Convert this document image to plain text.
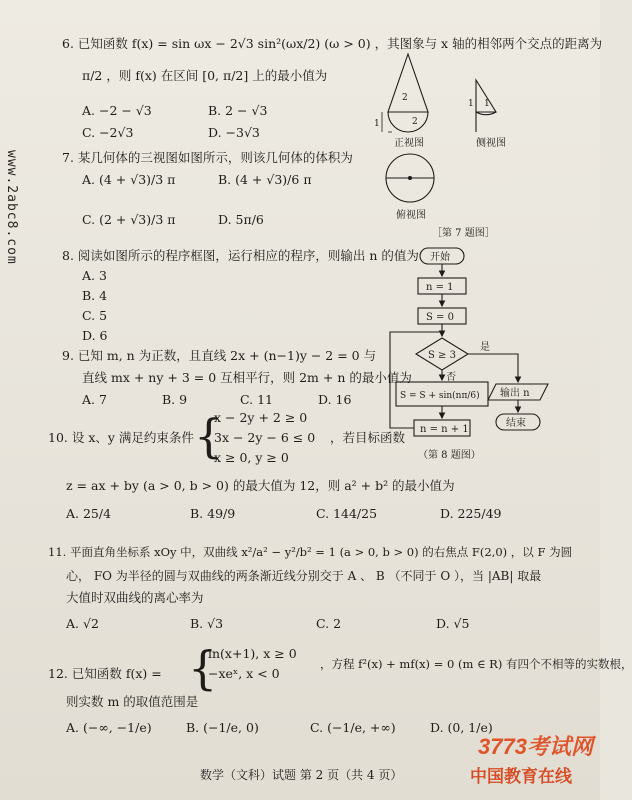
www.2abc8.com
6. 已知函数 f(x) = sin ωx − 2√3 sin²(ωx/2) (ω > 0) ，其图象与 x 轴的相邻两个交点的距离为
π/2 ，则 f(x) 在区间 [0, π/2] 上的最小值为
A. −2 − √3	B. 2 − √3
C. −2√3	D. −3√3
7. 某几何体的三视图如图所示，则该几何体的体积为
A. (4 + √3)/3 π	B. (4 + √3)/6 π
C. (2 + √3)/3 π	D. 5π/6
2
2
1
正视图
1 1
侧视图
俯视图
［第 7 题图］
8. 阅读如图所示的程序框图，运行相应的程序，则输出 n 的值为
A. 3
B. 4
C. 5
D. 6
开始
n = 1
S = 0
S ≥ 3
是
否
S = S + sin(nπ/6)
n = n + 1
输出 n
结束
（第 8 题图）
9. 已知 m, n 为正数，且直线 2x + (n−1)y − 2 = 0 与
直线 mx + ny + 3 = 0 互相平行，则 2m + n 的最小值为
A. 7	B. 9	C. 11	D. 16
10. 设 x、y 满足约束条件 {
x − 2y + 2 ≥ 0
3x − 2y − 6 ≤ 0
x ≥ 0, y ≥ 0
，若目标函数
z = ax + by (a > 0, b > 0) 的最大值为 12，则 a² + b² 的最小值为
A. 25/4	B. 49/9	C. 144/25	D. 225/49
11. 平面直角坐标系 xOy 中，双曲线 x²/a² − y²/b² = 1 (a > 0, b > 0) 的右焦点 F(2,0) ，以 F 为圆
心， FO 为半径的圆与双曲线的两条渐近线分别交于 A 、 B （不同于 O ），当 |AB| 取最
大值时双曲线的离心率为
A. √2	B. √3	C. 2	D. √5
12. 已知函数 f(x) = {
ln(x+1), x ≥ 0
−xeˣ, x < 0
，方程 f²(x) + mf(x) = 0 (m ∈ R) 有四个不相等的实数根，
则实数 m 的取值范围是
A. (−∞, −1/e)	B. (−1/e, 0)	C. (−1/e, +∞)	D. (0, 1/e)
数学（文科）试题 第 2 页（共 4 页）
3773考试网
中国教育在线
